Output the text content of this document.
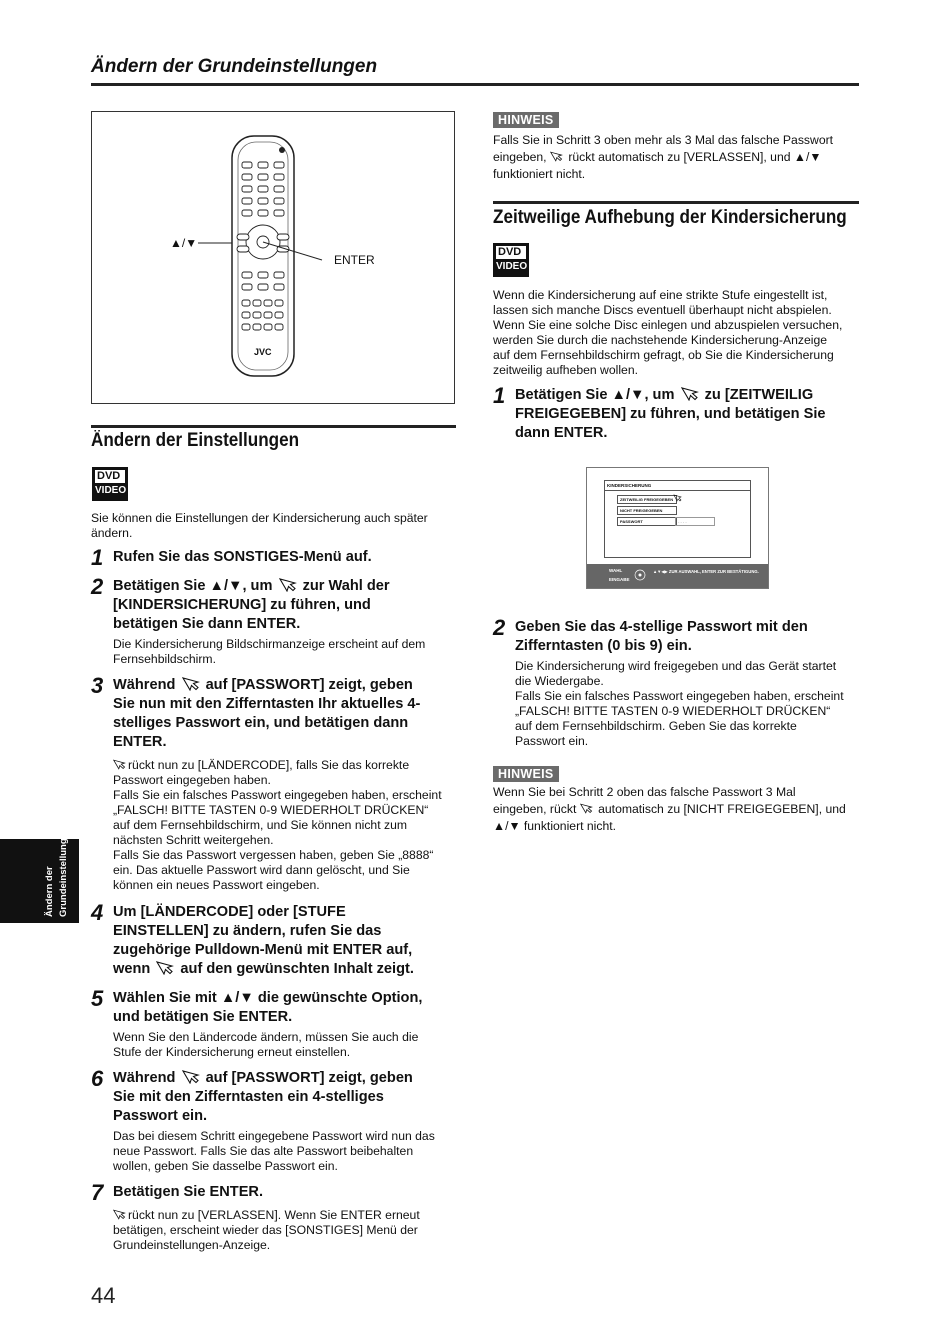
Ändern der Grundeinstellungen
▲/▼
ENTER
JVC
Ändern der Einstellungen
DVD
VIDEO
Sie können die Einstellungen der Kindersicherung auch später ändern.
1 Rufen Sie das SONSTIGES-Menü auf.
2 Betätigen Sie ▲/▼, um zur Wahl der
[KINDERSICHERUNG] zu führen, und
betätigen Sie dann ENTER.
Die Kindersicherung Bildschirmanzeige erscheint auf dem Fernsehbildschirm.
3 Während auf [PASSWORT] zeigt, geben
Sie nun mit den Zifferntasten Ihr aktuelles 4-
stelliges Passwort ein, und betätigen dann
ENTER.
rückt nun zu [LÄNDERCODE], falls Sie das korrekte
Passwort eingegeben haben.
Falls Sie ein falsches Passwort eingegeben haben, erscheint
„FALSCH! BITTE TASTEN 0-9 WIEDERHOLT DRÜCKEN“
auf dem Fernsehbildschirm, und Sie können nicht zum
nächsten Schritt weitergehen.
Falls Sie das Passwort vergessen haben, geben Sie „8888“
ein. Das aktuelle Passwort wird dann gelöscht, und Sie
können ein neues Passwort eingeben.
4 Um [LÄNDERCODE] oder [STUFE
EINSTELLEN] zu ändern, rufen Sie das
zugehörige Pulldown-Menü mit ENTER auf,
wenn auf den gewünschten Inhalt zeigt.
5 Wählen Sie mit ▲/▼ die gewünschte Option,
und betätigen Sie ENTER.
Wenn Sie den Ländercode ändern, müssen Sie auch die
Stufe der Kindersicherung erneut einstellen.
6 Während auf [PASSWORT] zeigt, geben
Sie mit den Zifferntasten ein 4-stelliges
Passwort ein.
Das bei diesem Schritt eingegebene Passwort wird nun das
neue Passwort. Falls Sie das alte Passwort beibehalten
wollen, geben Sie dasselbe Passwort ein.
7 Betätigen Sie ENTER.
rückt nun zu [VERLASSEN]. Wenn Sie ENTER erneut
betätigen, erscheint wieder das [SONSTIGES] Menü der
Grundeinstellungen-Anzeige.
HINWEIS
Falls Sie in Schritt 3 oben mehr als 3 Mal das falsche Passwort
eingeben, rückt automatisch zu [VERLASSEN], und ▲/▼
funktioniert nicht.
Zeitweilige Aufhebung der Kindersicherung
DVD
VIDEO
Wenn die Kindersicherung auf eine strikte Stufe eingestellt ist,
lassen sich manche Discs eventuell überhaupt nicht abspielen.
Wenn Sie eine solche Disc einlegen und abzuspielen versuchen,
werden Sie durch die nachstehende Kindersicherung-Anzeige
auf dem Fernsehbildschirm gefragt, ob Sie die Kindersicherung
zeitweilig aufheben wollen.
1 Betätigen Sie ▲/▼, um zu [ZEITWEILIG
FREIGEGEBEN] zu führen, und betätigen Sie
dann ENTER.
KINDERSICHERUNG
ZEITWEILIG FREIGEGEBEN
NICHT FREIGEGEBEN
PASSWORT	- - - -
WAHL
EINGABE
▲▼◀▶ ZUR AUSWAHL, ENTER ZUR BESTÄTIGUNG.
2 Geben Sie das 4-stellige Passwort mit den
Zifferntasten (0 bis 9) ein.
Die Kindersicherung wird freigegeben und das Gerät startet
die Wiedergabe.
Falls Sie ein falsches Passwort eingegeben haben, erscheint
„FALSCH! BITTE TASTEN 0-9 WIEDERHOLT DRÜCKEN“
auf dem Fernsehbildschirm. Geben Sie das korrekte
Passwort ein.
HINWEIS
Wenn Sie bei Schritt 2 oben das falsche Passwort 3 Mal
eingeben, rückt automatisch zu [NICHT FREIGEGEBEN], und
▲/▼ funktioniert nicht.
Ändern der Grundeinstellungen
44
